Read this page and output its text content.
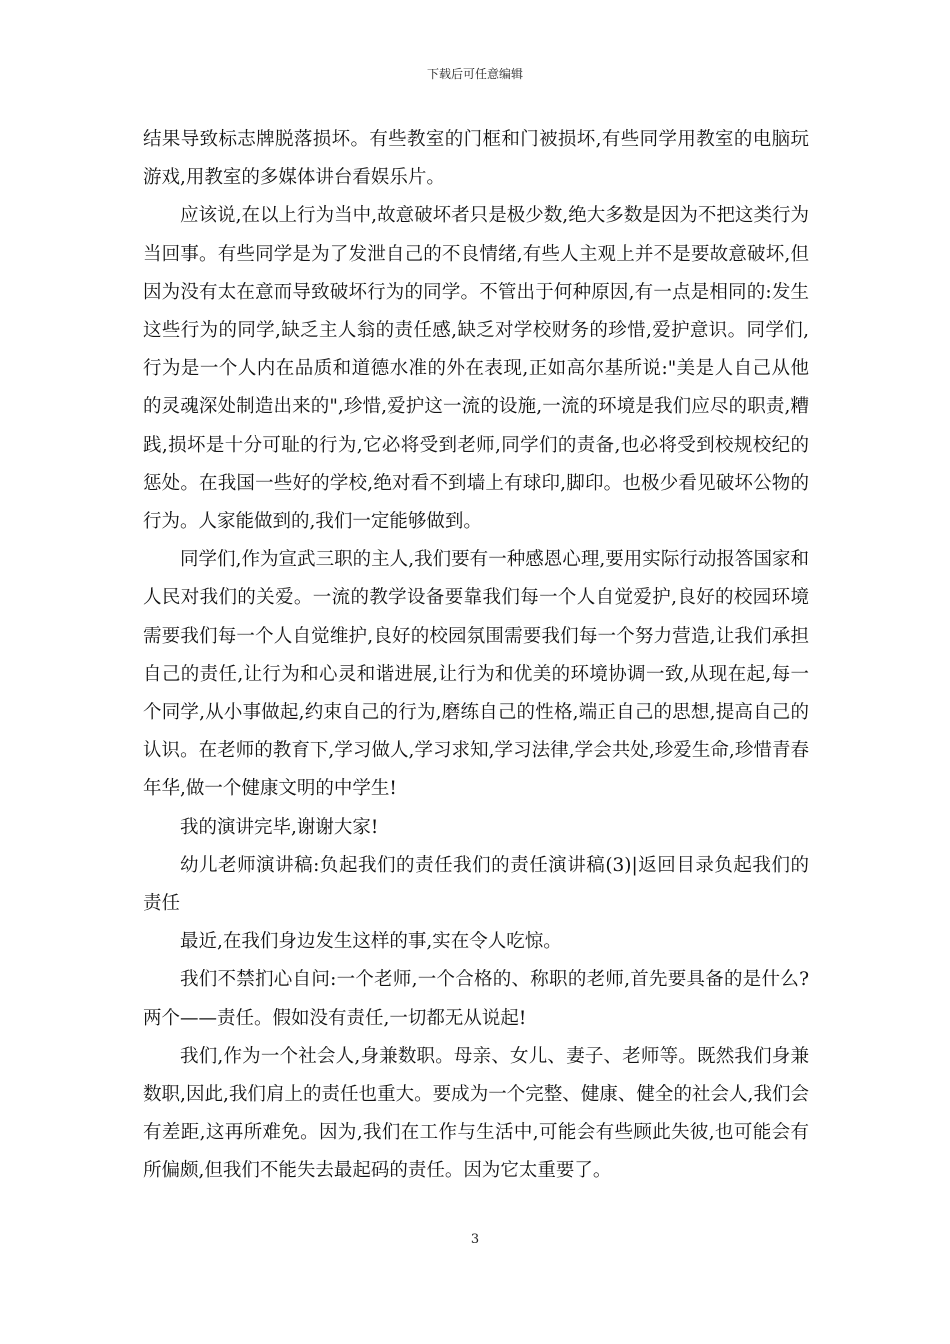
下载后可任意编辑

结果导致标志牌脱落损坏。有些教室的门框和门被损坏,有些同学用教室的电脑玩游戏,用教室的多媒体讲台看娱乐片。

应该说,在以上行为当中,故意破坏者只是极少数,绝大多数是因为不把这类行为当回事。有些同学是为了发泄自己的不良情绪,有些人主观上并不是要故意破坏,但因为没有太在意而导致破坏行为的同学。不管出于何种原因,有一点是相同的:发生这些行为的同学,缺乏主人翁的责任感,缺乏对学校财务的珍惜,爱护意识。同学们,行为是一个人内在品质和道德水准的外在表现,正如高尔基所说:"美是人自己从他的灵魂深处制造出来的",珍惜,爱护这一流的设施,一流的环境是我们应尽的职责,糟践,损坏是十分可耻的行为,它必将受到老师,同学们的责备,也必将受到校规校纪的惩处。在我国一些好的学校,绝对看不到墙上有球印,脚印。也极少看见破坏公物的行为。人家能做到的,我们一定能够做到。

同学们,作为宣武三职的主人,我们要有一种感恩心理,要用实际行动报答国家和人民对我们的关爱。一流的教学设备要靠我们每一个人自觉爱护,良好的校园环境需要我们每一个人自觉维护,良好的校园氛围需要我们每一个努力营造,让我们承担自己的责任,让行为和心灵和谐进展,让行为和优美的环境协调一致,从现在起,每一个同学,从小事做起,约束自己的行为,磨练自己的性格,端正自己的思想,提高自己的认识。在老师的教育下,学习做人,学习求知,学习法律,学会共处,珍爱生命,珍惜青春年华,做一个健康文明的中学生!

我的演讲完毕,谢谢大家!

幼儿老师演讲稿:负起我们的责任我们的责任演讲稿(3)|返回目录负起我们的责任

最近,在我们身边发生这样的事,实在令人吃惊。

我们不禁扪心自问:一个老师,一个合格的、称职的老师,首先要具备的是什么?两个——责任。假如没有责任,一切都无从说起!

我们,作为一个社会人,身兼数职。母亲、女儿、妻子、老师等。既然我们身兼数职,因此,我们肩上的责任也重大。要成为一个完整、健康、健全的社会人,我们会有差距,这再所难免。因为,我们在工作与生活中,可能会有些顾此失彼,也可能会有所偏颇,但我们不能失去最起码的责任。因为它太重要了。

3
